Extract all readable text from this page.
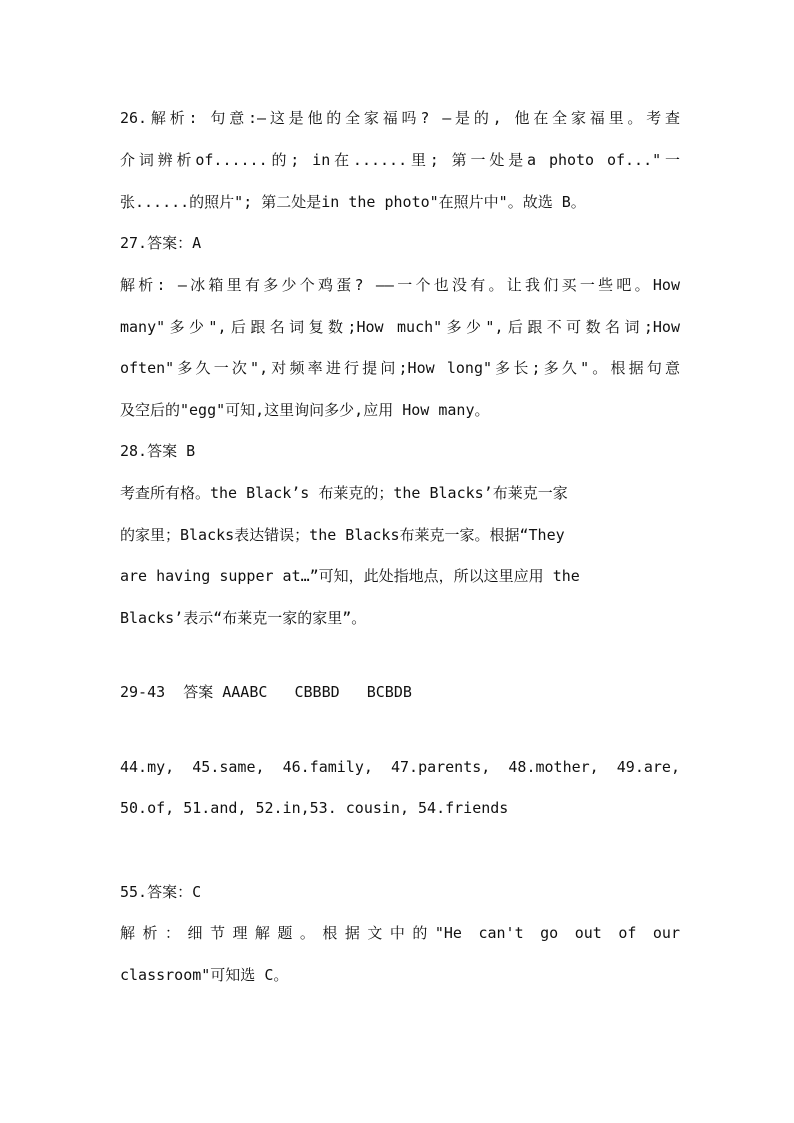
26.解析: 句意:—这是他的全家福吗? —是的, 他在全家福里。考查
介词辨析of......的; in在......里; 第一处是a photo of..."一
张......的照片"; 第二处是in the photo"在照片中"。故选 B。
27.答案：A
解析: —冰箱里有多少个鸡蛋? ——一个也没有。让我们买一些吧。How
many"多少",后跟名词复数;How much"多少",后跟不可数名词;How
often"多久一次",对频率进行提问;How long"多长;多久"。根据句意
及空后的"egg"可知,这里询问多少,应用 How many。
28.答案 B
考查所有格。the Black’s 布莱克的；the Blacks’布莱克一家
的家里；Blacks表达错误；the Blacks布莱克一家。根据“They
are having supper at…”可知，此处指地点，所以这里应用 the
Blacks’表示“布莱克一家的家里”。
29-43  答案 AAABC   CBBBD   BCBDB
44.my, 45.same, 46.family, 47.parents, 48.mother, 49.are,
50.of, 51.and, 52.in,53. cousin, 54.friends
55.答案：C
解析：细节理解题。根据文中的"He can't go out of our
classroom"可知选 C。
